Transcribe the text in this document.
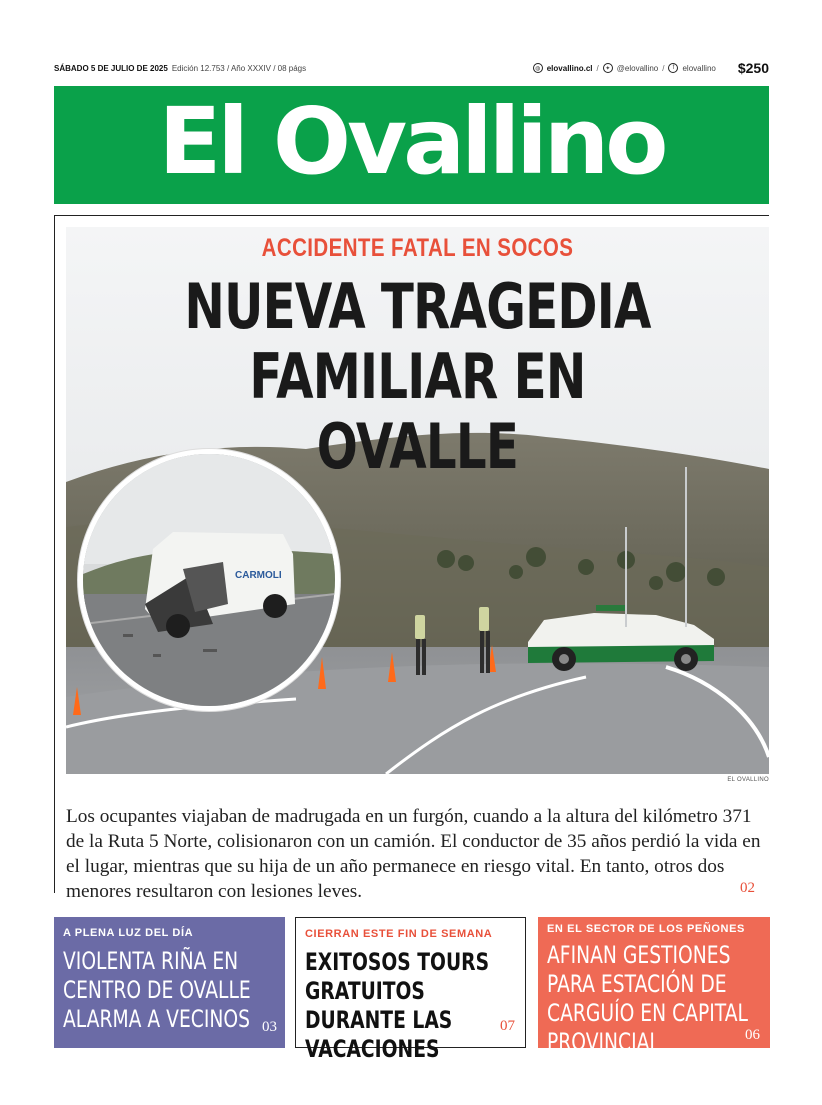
SÁBADO 5 DE JULIO DE 2025 Edición 12.753 / Año XXXIV / 08 págs	◍ elovallino.cl /	✦ @elovallino /	f	elovallino $250
El Ovallino
EL OVALLINO
CARMOLI
ACCIDENTE FATAL EN SOCOS
NUEVA TRAGEDIA
FAMILIAR EN OVALLE
Los ocupantes viajaban de madrugada en un furgón, cuando a la altura del kilómetro 371 de la Ruta 5 Norte, colisionaron con un camión. El conductor de 35 años perdió la vida en el lugar, mientras que su hija de un año permanece en riesgo vital. En tanto, otros dos menores resultaron con lesiones leves.	02
A PLENA LUZ DEL DÍA
VIOLENTA RIÑA EN CENTRO DE OVALLE ALARMA A VECINOS 03
CIERRAN ESTE FIN DE SEMANA
EXITOSOS TOURS GRATUITOS DURANTE LAS VACACIONES
07
EN EL SECTOR DE LOS PEÑONES
AFINAN GESTIONES PARA ESTACIÓN DE CARGUÍO EN CAPITAL PROVINCIAL	06
